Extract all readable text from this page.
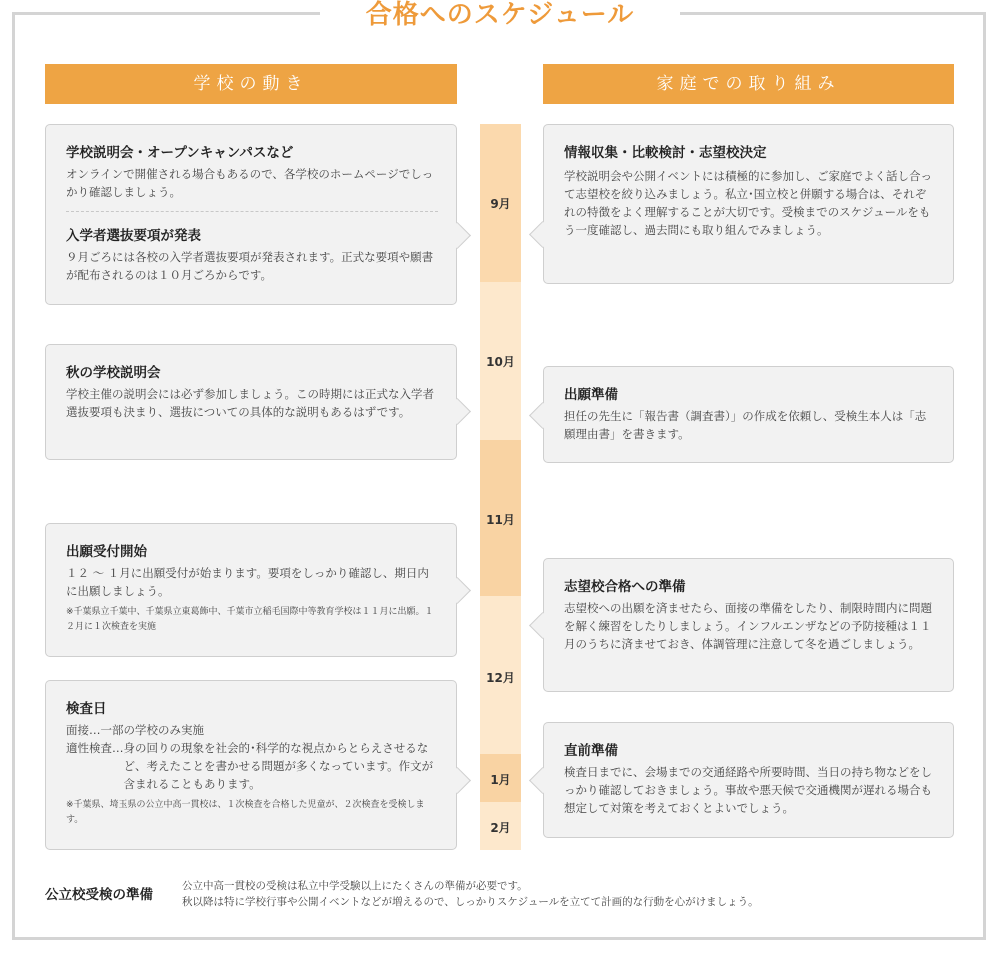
合格へのスケジュール
学校の動き	家庭での取り組み
9月
10月
11月
12月
1月
2月
学校説明会・オープンキャンパスなど

オンラインで開催される場合もあるので、各学校のホームページでしっかり確認しましょう。

入学者選抜要項が発表

９月ごろには各校の入学者選抜要項が発表されます。正式な要項や願書が配布されるのは１０月ごろからです。

秋の学校説明会

学校主催の説明会には必ず参加しましょう。この時期には正式な入学者選抜要項も決まり、選抜についての具体的な説明もあるはずです。

出願受付開始

１２ 〜 １月に出願受付が始まります。要項をしっかり確認し、期日内に出願しましょう。

※千葉県立千葉中、千葉県立東葛飾中、千葉市立稲毛国際中等教育学校は１１月に出願。１２月に１次検査を実施

検査日

面接…一部の学校のみ実施

適性検査… 身の回りの現象を社会的･科学的な視点からとらえさせるなど、考えたことを書かせる問題が多くなっています。作文が含まれることもあります。

※千葉県、埼玉県の公立中高一貫校は、１次検査を合格した児童が、２次検査を受検します。

情報収集・比較検討・志望校決定

学校説明会や公開イベントには積極的に参加し、ご家庭でよく話し合って志望校を絞り込みましょう。私立･国立校と併願する場合は、それぞれの特徴をよく理解することが大切です。受検までのスケジュールをもう一度確認し、過去問にも取り組んでみましょう。

出願準備

担任の先生に「報告書（調査書）」の作成を依頼し、受検生本人は「志願理由書」を書きます。

志望校合格への準備

志望校への出願を済ませたら、面接の準備をしたり、制限時間内に問題を解く練習をしたりしましょう。インフルエンザなどの予防接種は１１月のうちに済ませておき、体調管理に注意して冬を過ごしましょう。

直前準備

検査日までに、会場までの交通経路や所要時間、当日の持ち物などをしっかり確認しておきましょう。事故や悪天候で交通機関が遅れる場合も想定して対策を考えておくとよいでしょう。

公立校受検の準備

公立中高一貫校の受検は私立中学受験以上にたくさんの準備が必要です。

秋以降は特に学校行事や公開イベントなどが増えるので、しっかりスケジュールを立てて計画的な行動を心がけましょう。
